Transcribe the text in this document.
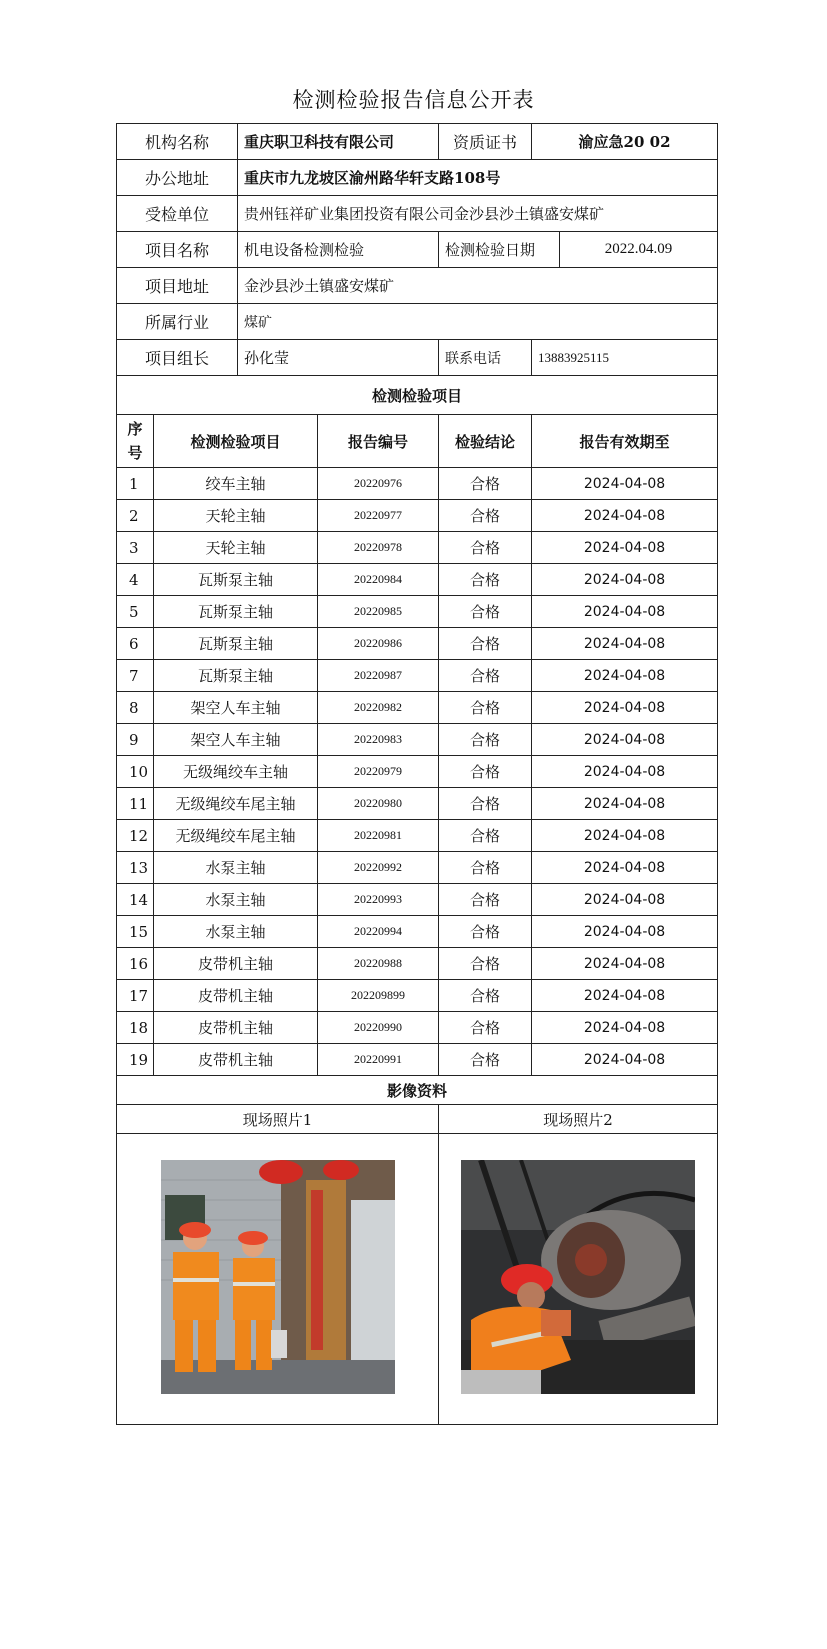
检测检验报告信息公开表
机构名称		重庆职卫科技有限公司		资质证书	渝应急20 02	
办公地址		重庆市九龙坡区渝州路华轩支路108号				
受检单位		贵州钰祥矿业集团投资有限公司金沙县沙土镇盛安煤矿				
项目名称		机电设备检测检验		检测检验日期		2022.04.09
项目地址		金沙县沙土镇盛安煤矿				
所属行业		煤矿				
项目组长		孙化莹		联系电话	13883925115	
检测检验项目						
序号	检测检验项目		报告编号	检验结论	报告有效期至	
1	绞车主轴		20220976	合格	2024-04-08	
2	天轮主轴		20220977	合格	2024-04-08	
3	天轮主轴		20220978	合格	2024-04-08	
4	瓦斯泵主轴		20220984	合格	2024-04-08	
5	瓦斯泵主轴		20220985	合格	2024-04-08	
6	瓦斯泵主轴		20220986	合格	2024-04-08	
7	瓦斯泵主轴		20220987	合格	2024-04-08	
8	架空人车主轴		20220982	合格	2024-04-08	
9	架空人车主轴		20220983	合格	2024-04-08	
10	无级绳绞车主轴		20220979	合格	2024-04-08	
11	无级绳绞车尾主轴		20220980	合格	2024-04-08	
12	无级绳绞车尾主轴		20220981	合格	2024-04-08	
13	水泵主轴		20220992	合格	2024-04-08	
14	水泵主轴		20220993	合格	2024-04-08	
15	水泵主轴		20220994	合格	2024-04-08	
16	皮带机主轴		20220988	合格	2024-04-08	
17	皮带机主轴		202209899	合格	2024-04-08	
18	皮带机主轴		20220990	合格	2024-04-08	
19	皮带机主轴		20220991	合格	2024-04-08	
影像资料						
现场照片1				现场照片2		
